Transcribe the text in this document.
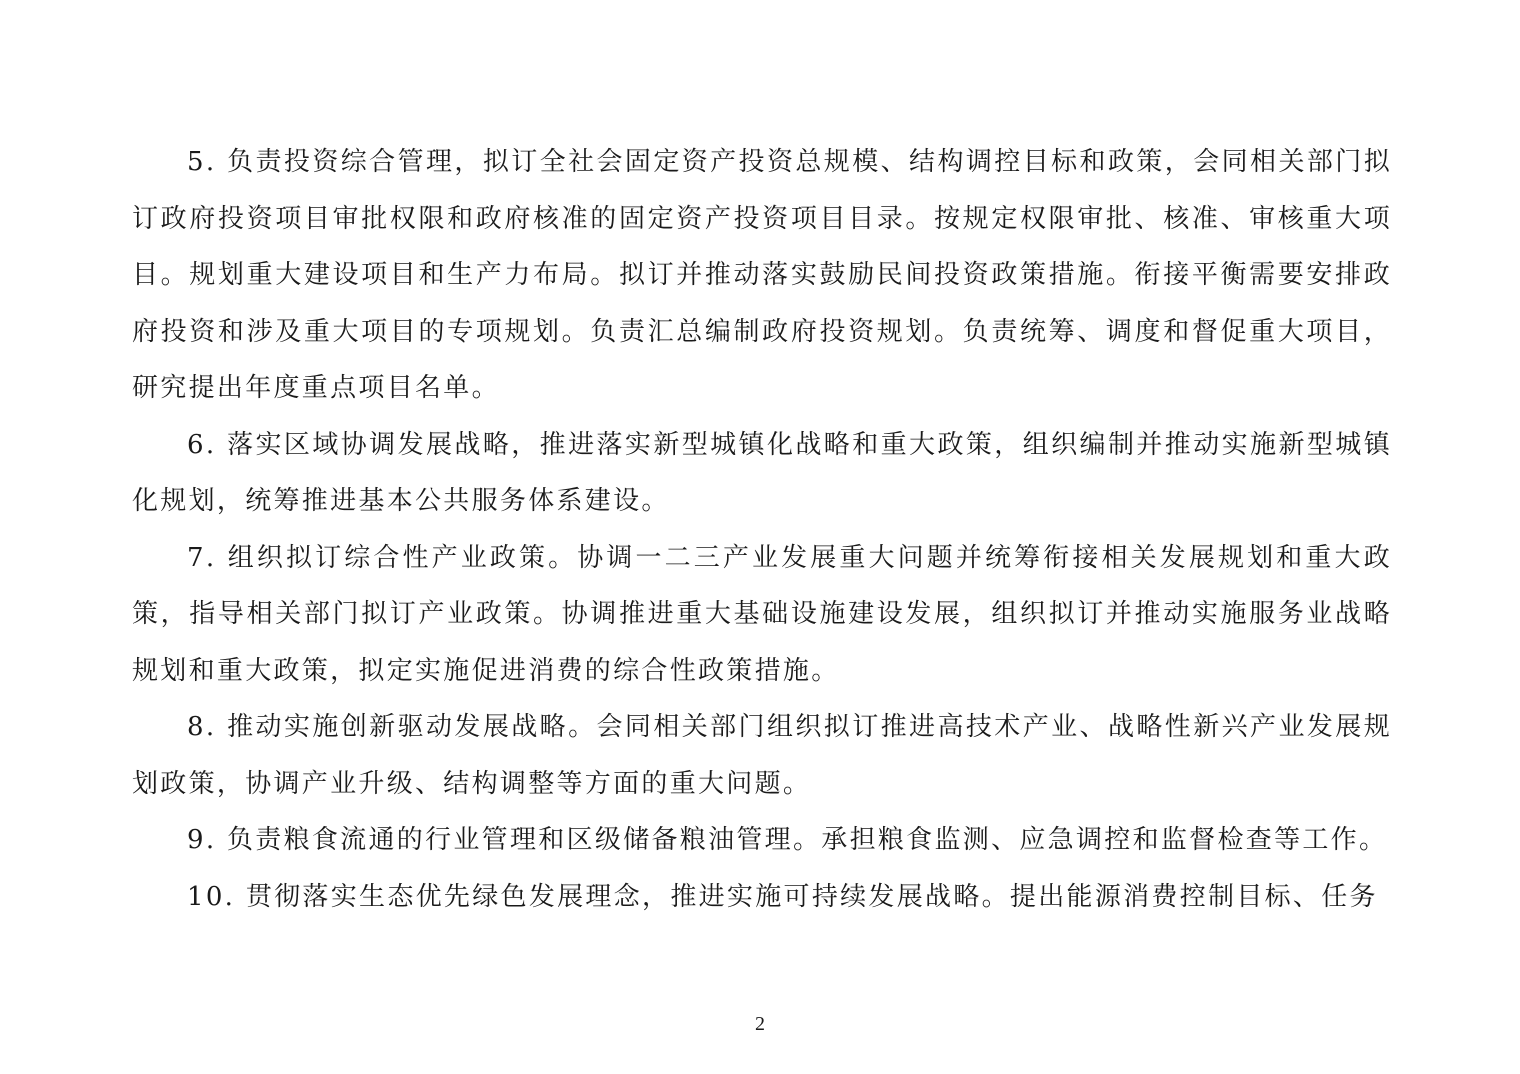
5. 负责投资综合管理，拟订全社会固定资产投资总规模、结构调控目标和政策，会同相关部门拟订政府投资项目审批权限和政府核准的固定资产投资项目目录。按规定权限审批、核准、审核重大项目。规划重大建设项目和生产力布局。拟订并推动落实鼓励民间投资政策措施。衔接平衡需要安排政府投资和涉及重大项目的专项规划。负责汇总编制政府投资规划。负责统筹、调度和督促重大项目，研究提出年度重点项目名单。

6. 落实区域协调发展战略，推进落实新型城镇化战略和重大政策，组织编制并推动实施新型城镇化规划，统筹推进基本公共服务体系建设。

7. 组织拟订综合性产业政策。协调一二三产业发展重大问题并统筹衔接相关发展规划和重大政策，指导相关部门拟订产业政策。协调推进重大基础设施建设发展，组织拟订并推动实施服务业战略规划和重大政策，拟定实施促进消费的综合性政策措施。

8. 推动实施创新驱动发展战略。会同相关部门组织拟订推进高技术产业、战略性新兴产业发展规划政策，协调产业升级、结构调整等方面的重大问题。

9. 负责粮食流通的行业管理和区级储备粮油管理。承担粮食监测、应急调控和监督检查等工作。

10. 贯彻落实生态优先绿色发展理念，推进实施可持续发展战略。提出能源消费控制目标、任务

2
